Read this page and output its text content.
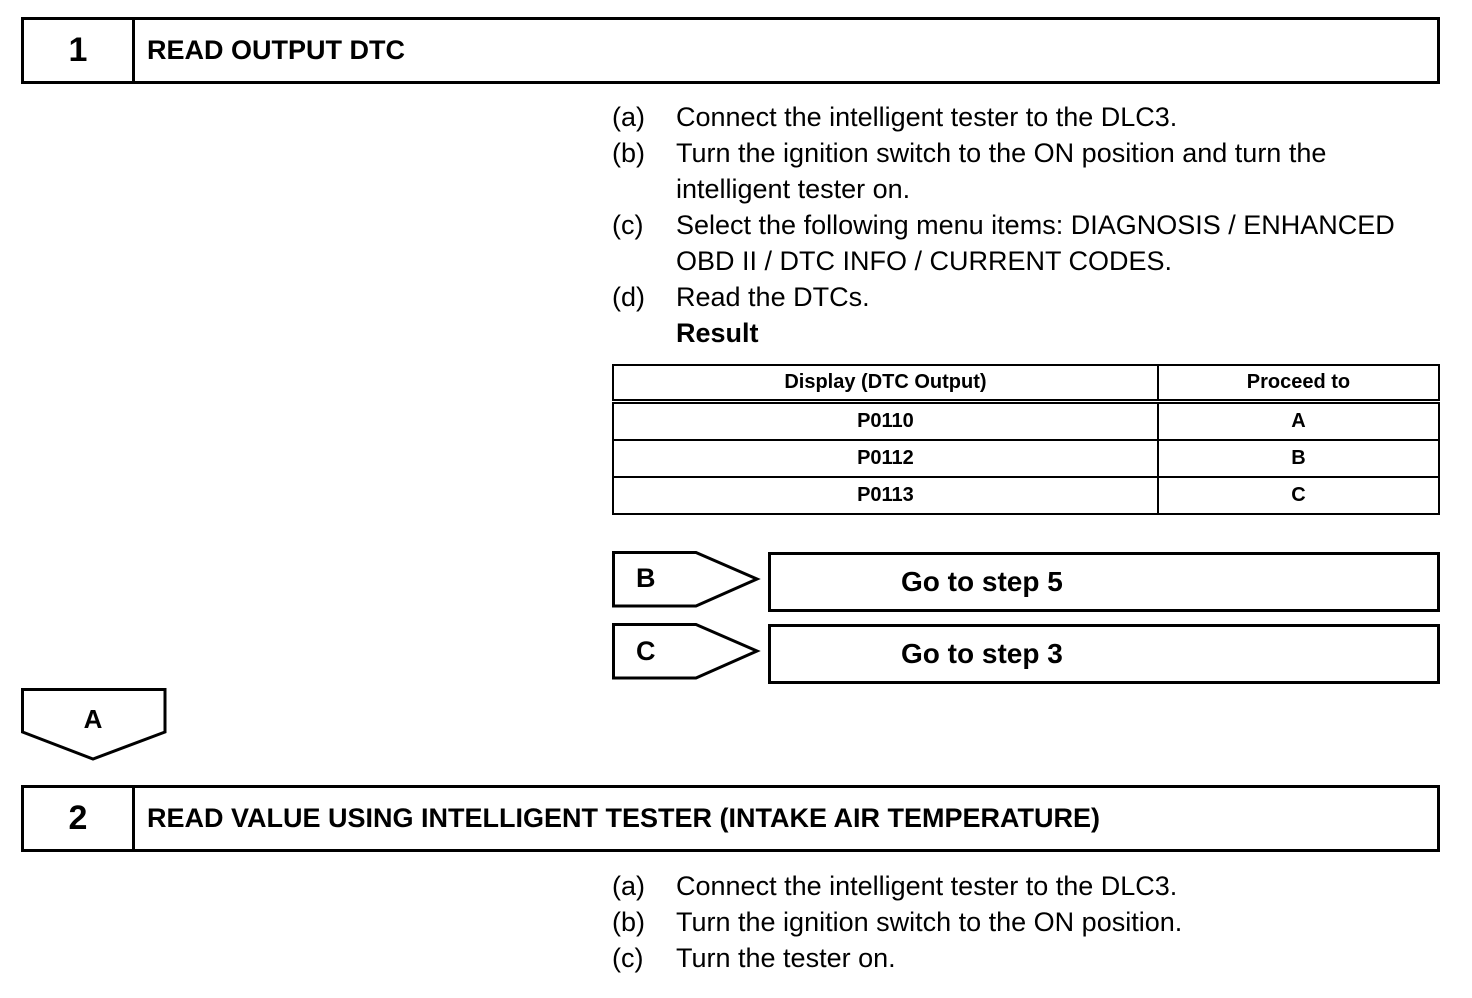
1	READ OUTPUT DTC
(a)	Connect the intelligent tester to the DLC3.
(b)	Turn the ignition switch to the ON position and turn the intelligent tester on.
(c)	Select the following menu items: DIAGNOSIS / ENHANCED OBD II / DTC INFO / CURRENT CODES.
(d)	Read the DTCs.
Result
Display (DTC Output)	Proceed to
P0110	A
P0112	B
P0113	C
B	Go to step 5
C	Go to step 3
A
2	READ VALUE USING INTELLIGENT TESTER (INTAKE AIR TEMPERATURE)
(a)	Connect the intelligent tester to the DLC3.
(b)	Turn the ignition switch to the ON position.
(c)	Turn the tester on.
